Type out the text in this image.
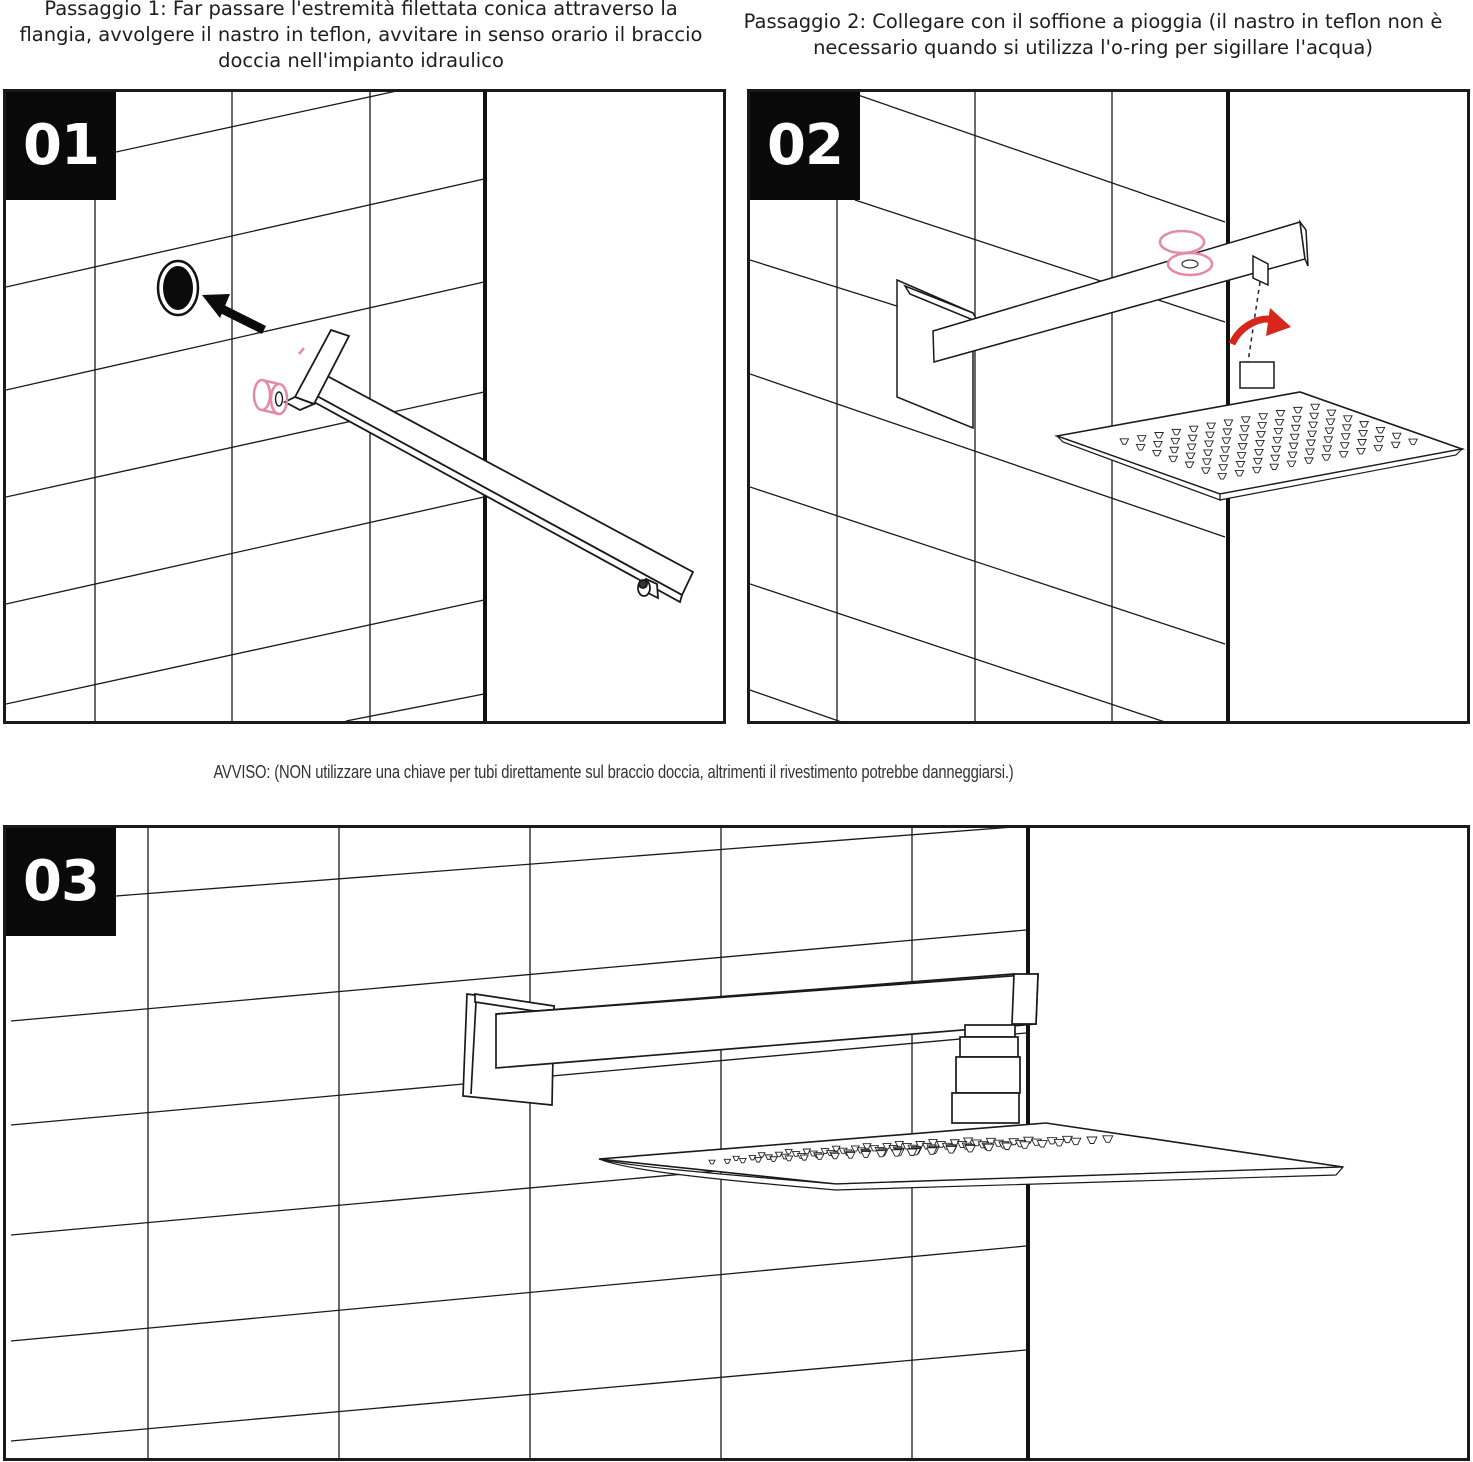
Passaggio 1: Far passare l'estremità filettata conica attraverso la flangia, avvolgere il nastro in teflon, avvitare in senso orario il braccio doccia nell'impianto idraulico
Passaggio 2: Collegare con il soffione a pioggia (il nastro in teflon non è necessario quando si utilizza l'o-ring per sigillare l'acqua)
01	02
AVVISO: (NON utilizzare una chiave per tubi direttamente sul braccio doccia, altrimenti il rivestimento potrebbe danneggiarsi.)
03
